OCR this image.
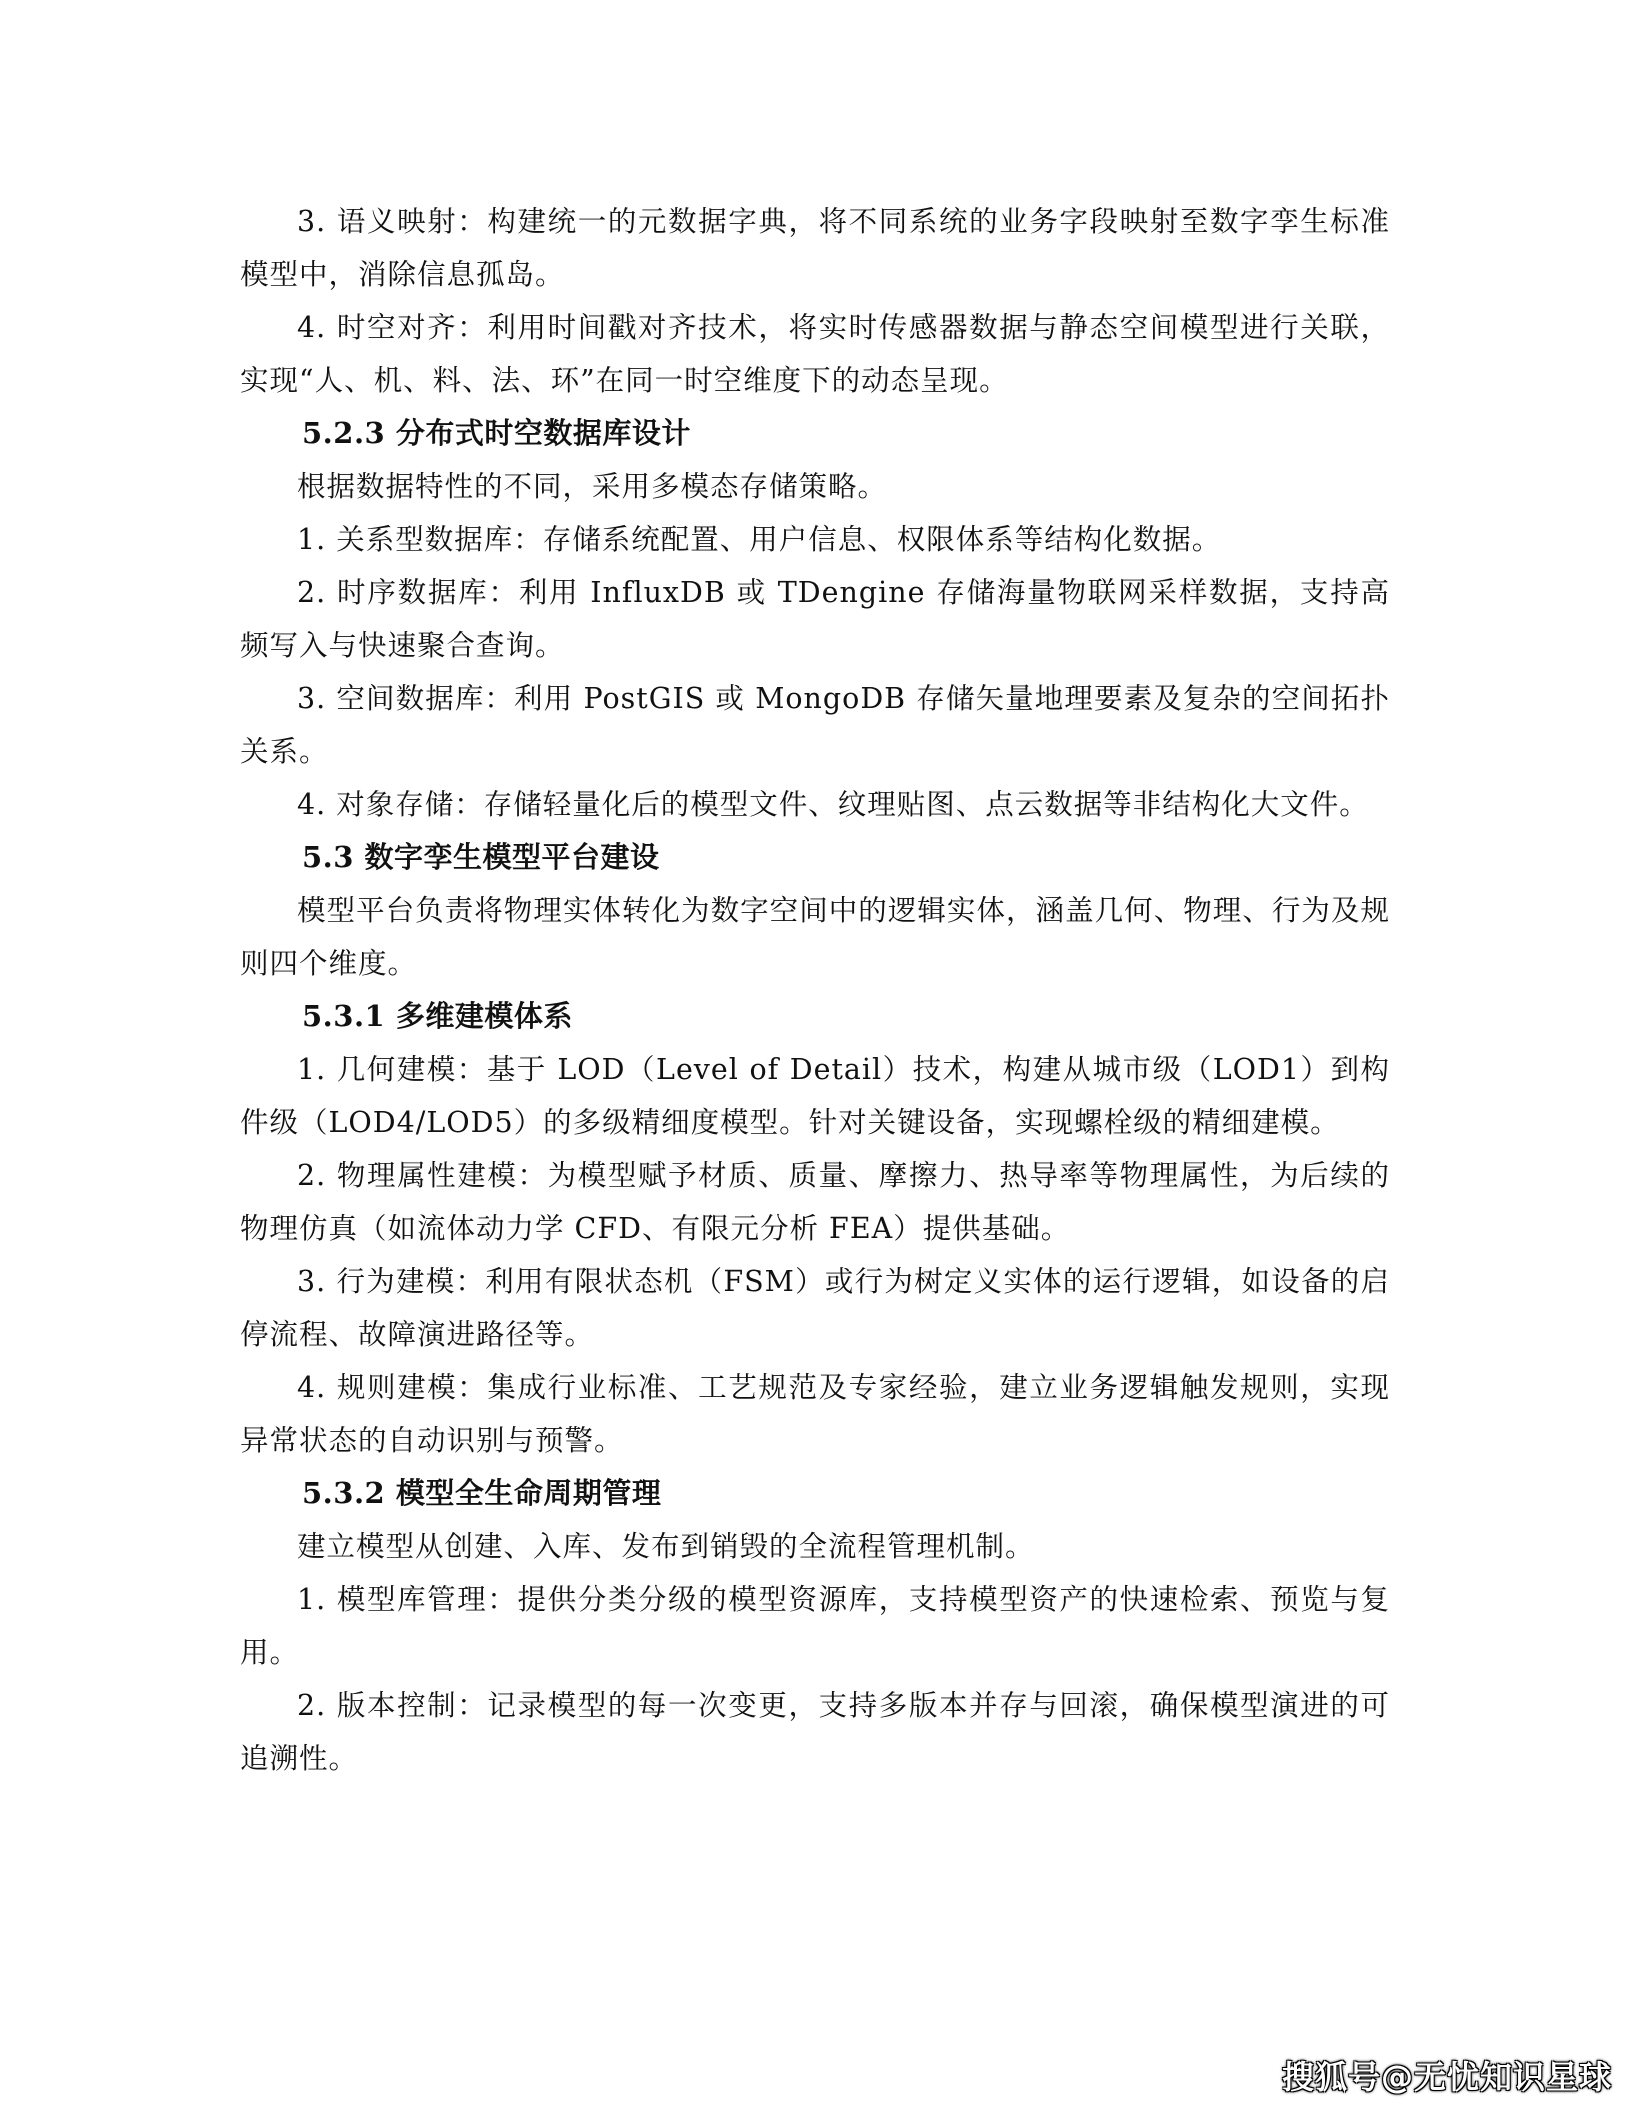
3. 语义映射：构建统一的元数据字典，将不同系统的业务字段映射至数字孪生标准模型中，消除信息孤岛。

4. 时空对齐：利用时间戳对齐技术，将实时传感器数据与静态空间模型进行关联，实现“人、机、料、法、环”在同一时空维度下的动态呈现。

5.2.3 分布式时空数据库设计

根据数据特性的不同，采用多模态存储策略。

1. 关系型数据库：存储系统配置、用户信息、权限体系等结构化数据。

2. 时序数据库：利用 InfluxDB 或 TDengine 存储海量物联网采样数据，支持高频写入与快速聚合查询。

3. 空间数据库：利用 PostGIS 或 MongoDB 存储矢量地理要素及复杂的空间拓扑关系。

4. 对象存储：存储轻量化后的模型文件、纹理贴图、点云数据等非结构化大文件。

5.3 数字孪生模型平台建设

模型平台负责将物理实体转化为数字空间中的逻辑实体，涵盖几何、物理、行为及规则四个维度。

5.3.1 多维建模体系

1. 几何建模：基于 LOD（Level of Detail）技术，构建从城市级（LOD1）到构件级（LOD4/LOD5）的多级精细度模型。针对关键设备，实现螺栓级的精细建模。

2. 物理属性建模：为模型赋予材质、质量、摩擦力、热导率等物理属性，为后续的物理仿真（如流体动力学 CFD、有限元分析 FEA）提供基础。

3. 行为建模：利用有限状态机（FSM）或行为树定义实体的运行逻辑，如设备的启停流程、故障演进路径等。

4. 规则建模：集成行业标准、工艺规范及专家经验，建立业务逻辑触发规则，实现异常状态的自动识别与预警。

5.3.2 模型全生命周期管理

建立模型从创建、入库、发布到销毁的全流程管理机制。

1. 模型库管理：提供分类分级的模型资源库，支持模型资产的快速检索、预览与复用。

2. 版本控制：记录模型的每一次变更，支持多版本并存与回滚，确保模型演进的可追溯性。

搜狐号@无忧知识星球
